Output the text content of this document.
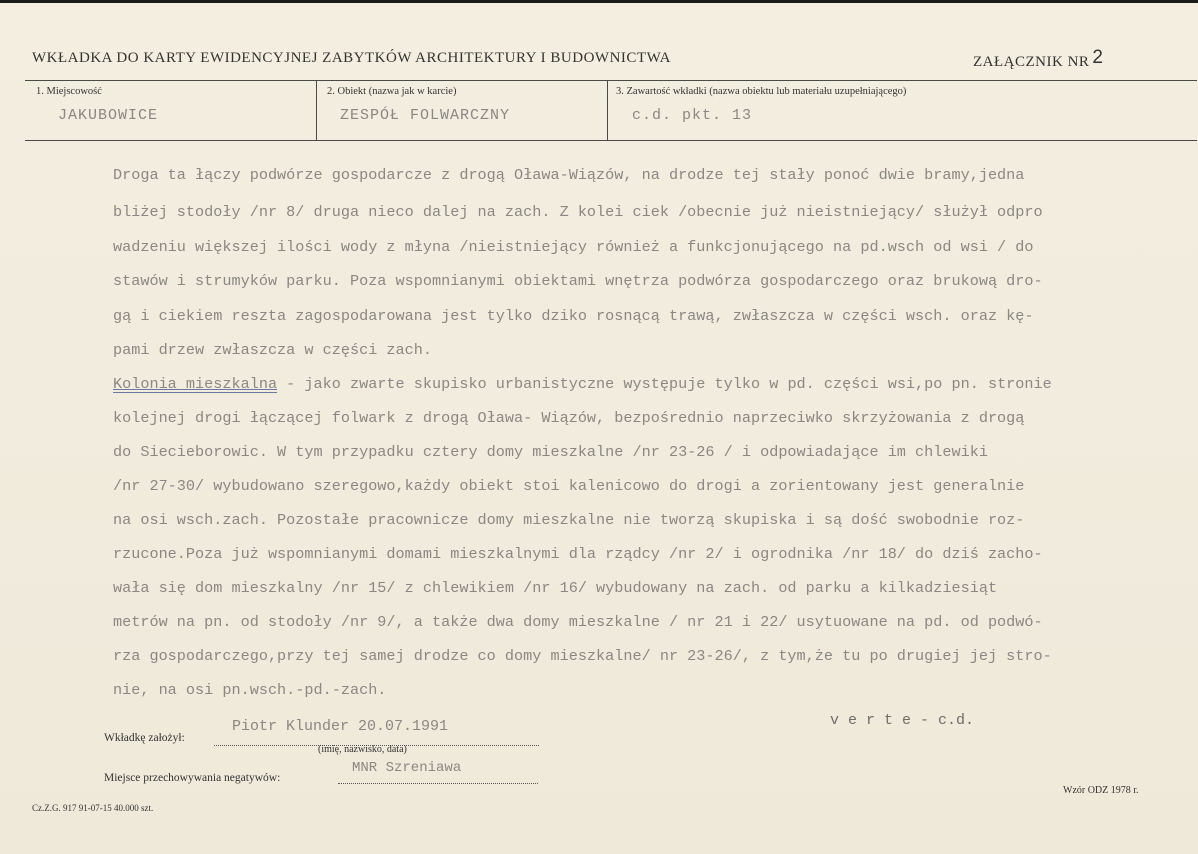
WKŁADKA DO KARTY EWIDENCYJNEJ ZABYTKÓW ARCHITEKTURY I BUDOWNICTWA	ZAŁĄCZNIK NR 2
1. Miejscowość
JAKUBOWICE
2. Obiekt (nazwa jak w karcie)
ZESPÓŁ FOLWARCZNY
3. Zawartość wkładki (nazwa obiektu lub materiału uzupełniającego)
c.d. pkt. 13
Droga ta łączy podwórze gospodarcze z drogą Oława-Wiązów, na drodze tej stały ponoć dwie bramy,jedna
bliżej stodoły /nr 8/ druga nieco dalej na zach. Z kolei ciek /obecnie już nieistniejący/ służył odpro
wadzeniu większej ilości wody z młyna /nieistniejący również a funkcjonującego na pd.wsch od wsi / do
stawów i strumyków parku. Poza wspomnianymi obiektami wnętrza podwórza gospodarczego oraz brukową dro-
gą i ciekiem reszta zagospodarowana jest tylko dziko rosnącą trawą, zwłaszcza w części wsch. oraz kę-
pami drzew zwłaszcza w części zach.
Kolonia mieszkalna - jako zwarte skupisko urbanistyczne występuje tylko w pd. części wsi,po pn. stronie
kolejnej drogi łączącej folwark z drogą Oława- Wiązów, bezpośrednio naprzeciwko skrzyżowania z drogą
do Siecieborowic. W tym przypadku cztery domy mieszkalne /nr 23-26 / i odpowiadające im chlewiki
/nr 27-30/ wybudowano szeregowo,każdy obiekt stoi kalenicowo do drogi a zorientowany jest generalnie
na osi wsch.zach. Pozostałe pracownicze domy mieszkalne nie tworzą skupiska i są dość swobodnie roz-
rzucone.Poza już wspomnianymi domami mieszkalnymi dla rządcy /nr 2/ i ogrodnika /nr 18/ do dziś zacho-
wała się dom mieszkalny /nr 15/ z chlewikiem /nr 16/ wybudowany na zach. od parku a kilkadziesiąt
metrów na pn. od stodoły /nr 9/, a także dwa domy mieszkalne / nr 21 i 22/ usytuowane na pd. od podwó-
rza gospodarczego,przy tej samej drodze co domy mieszkalne/ nr 23-26/, z tym,że tu po drugiej jej stro-
nie, na osi pn.wsch.-pd.-zach.
Wkładkę założył:
Piotr Klunder 20.07.1991
(imię, nazwisko, data)
v e r t e - c.d.
Miejsce przechowywania negatywów:
MNR Szreniawa
Cz.Z.G. 917 91-07-15 40.000 szt.
Wzór ODZ 1978 r.
